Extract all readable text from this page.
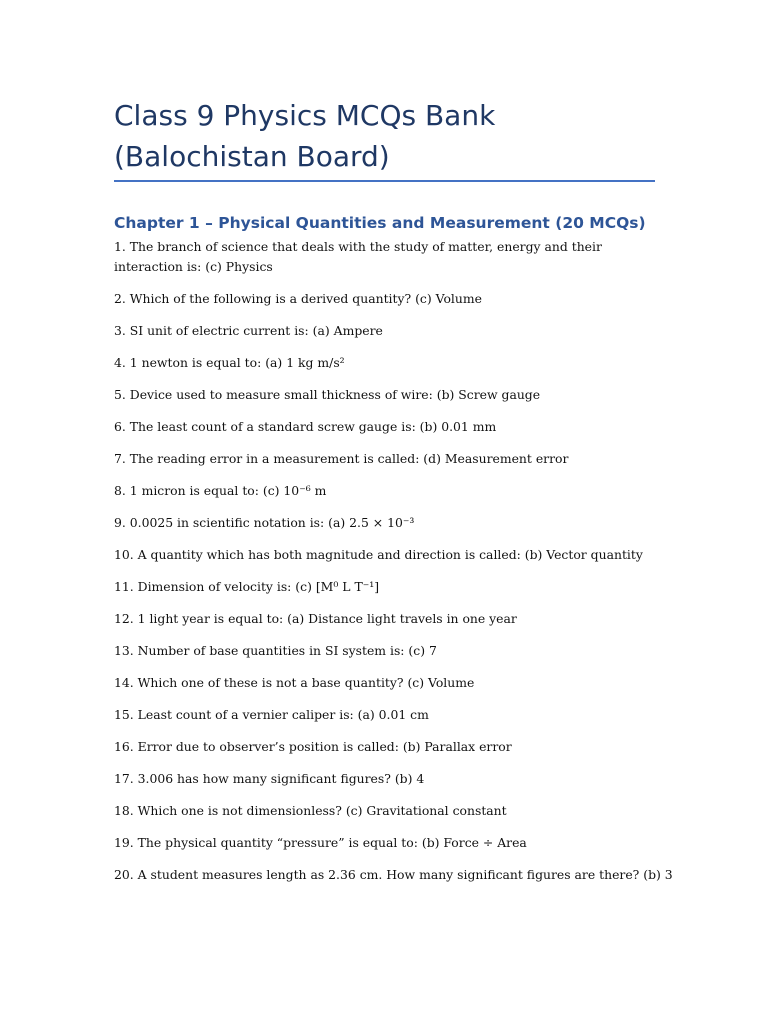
Class 9 Physics MCQs Bank (Balochistan Board)
Chapter 1 – Physical Quantities and Measurement (20 MCQs)
1. The branch of science that deals with the study of matter, energy and their interaction is: (c) Physics
2. Which of the following is a derived quantity? (c) Volume
3. SI unit of electric current is: (a) Ampere
4. 1 newton is equal to: (a) 1 kg m/s²
5. Device used to measure small thickness of wire: (b) Screw gauge
6. The least count of a standard screw gauge is: (b) 0.01 mm
7. The reading error in a measurement is called: (d) Measurement error
8. 1 micron is equal to: (c) 10⁻⁶ m
9. 0.0025 in scientific notation is: (a) 2.5 × 10⁻³
10. A quantity which has both magnitude and direction is called: (b) Vector quantity
11. Dimension of velocity is: (c) [M⁰ L T⁻¹]
12. 1 light year is equal to: (a) Distance light travels in one year
13. Number of base quantities in SI system is: (c) 7
14. Which one of these is not a base quantity? (c) Volume
15. Least count of a vernier caliper is: (a) 0.01 cm
16. Error due to observer’s position is called: (b) Parallax error
17. 3.006 has how many significant figures? (b) 4
18. Which one is not dimensionless? (c) Gravitational constant
19. The physical quantity “pressure” is equal to: (b) Force ÷ Area
20. A student measures length as 2.36 cm. How many significant figures are there? (b) 3
